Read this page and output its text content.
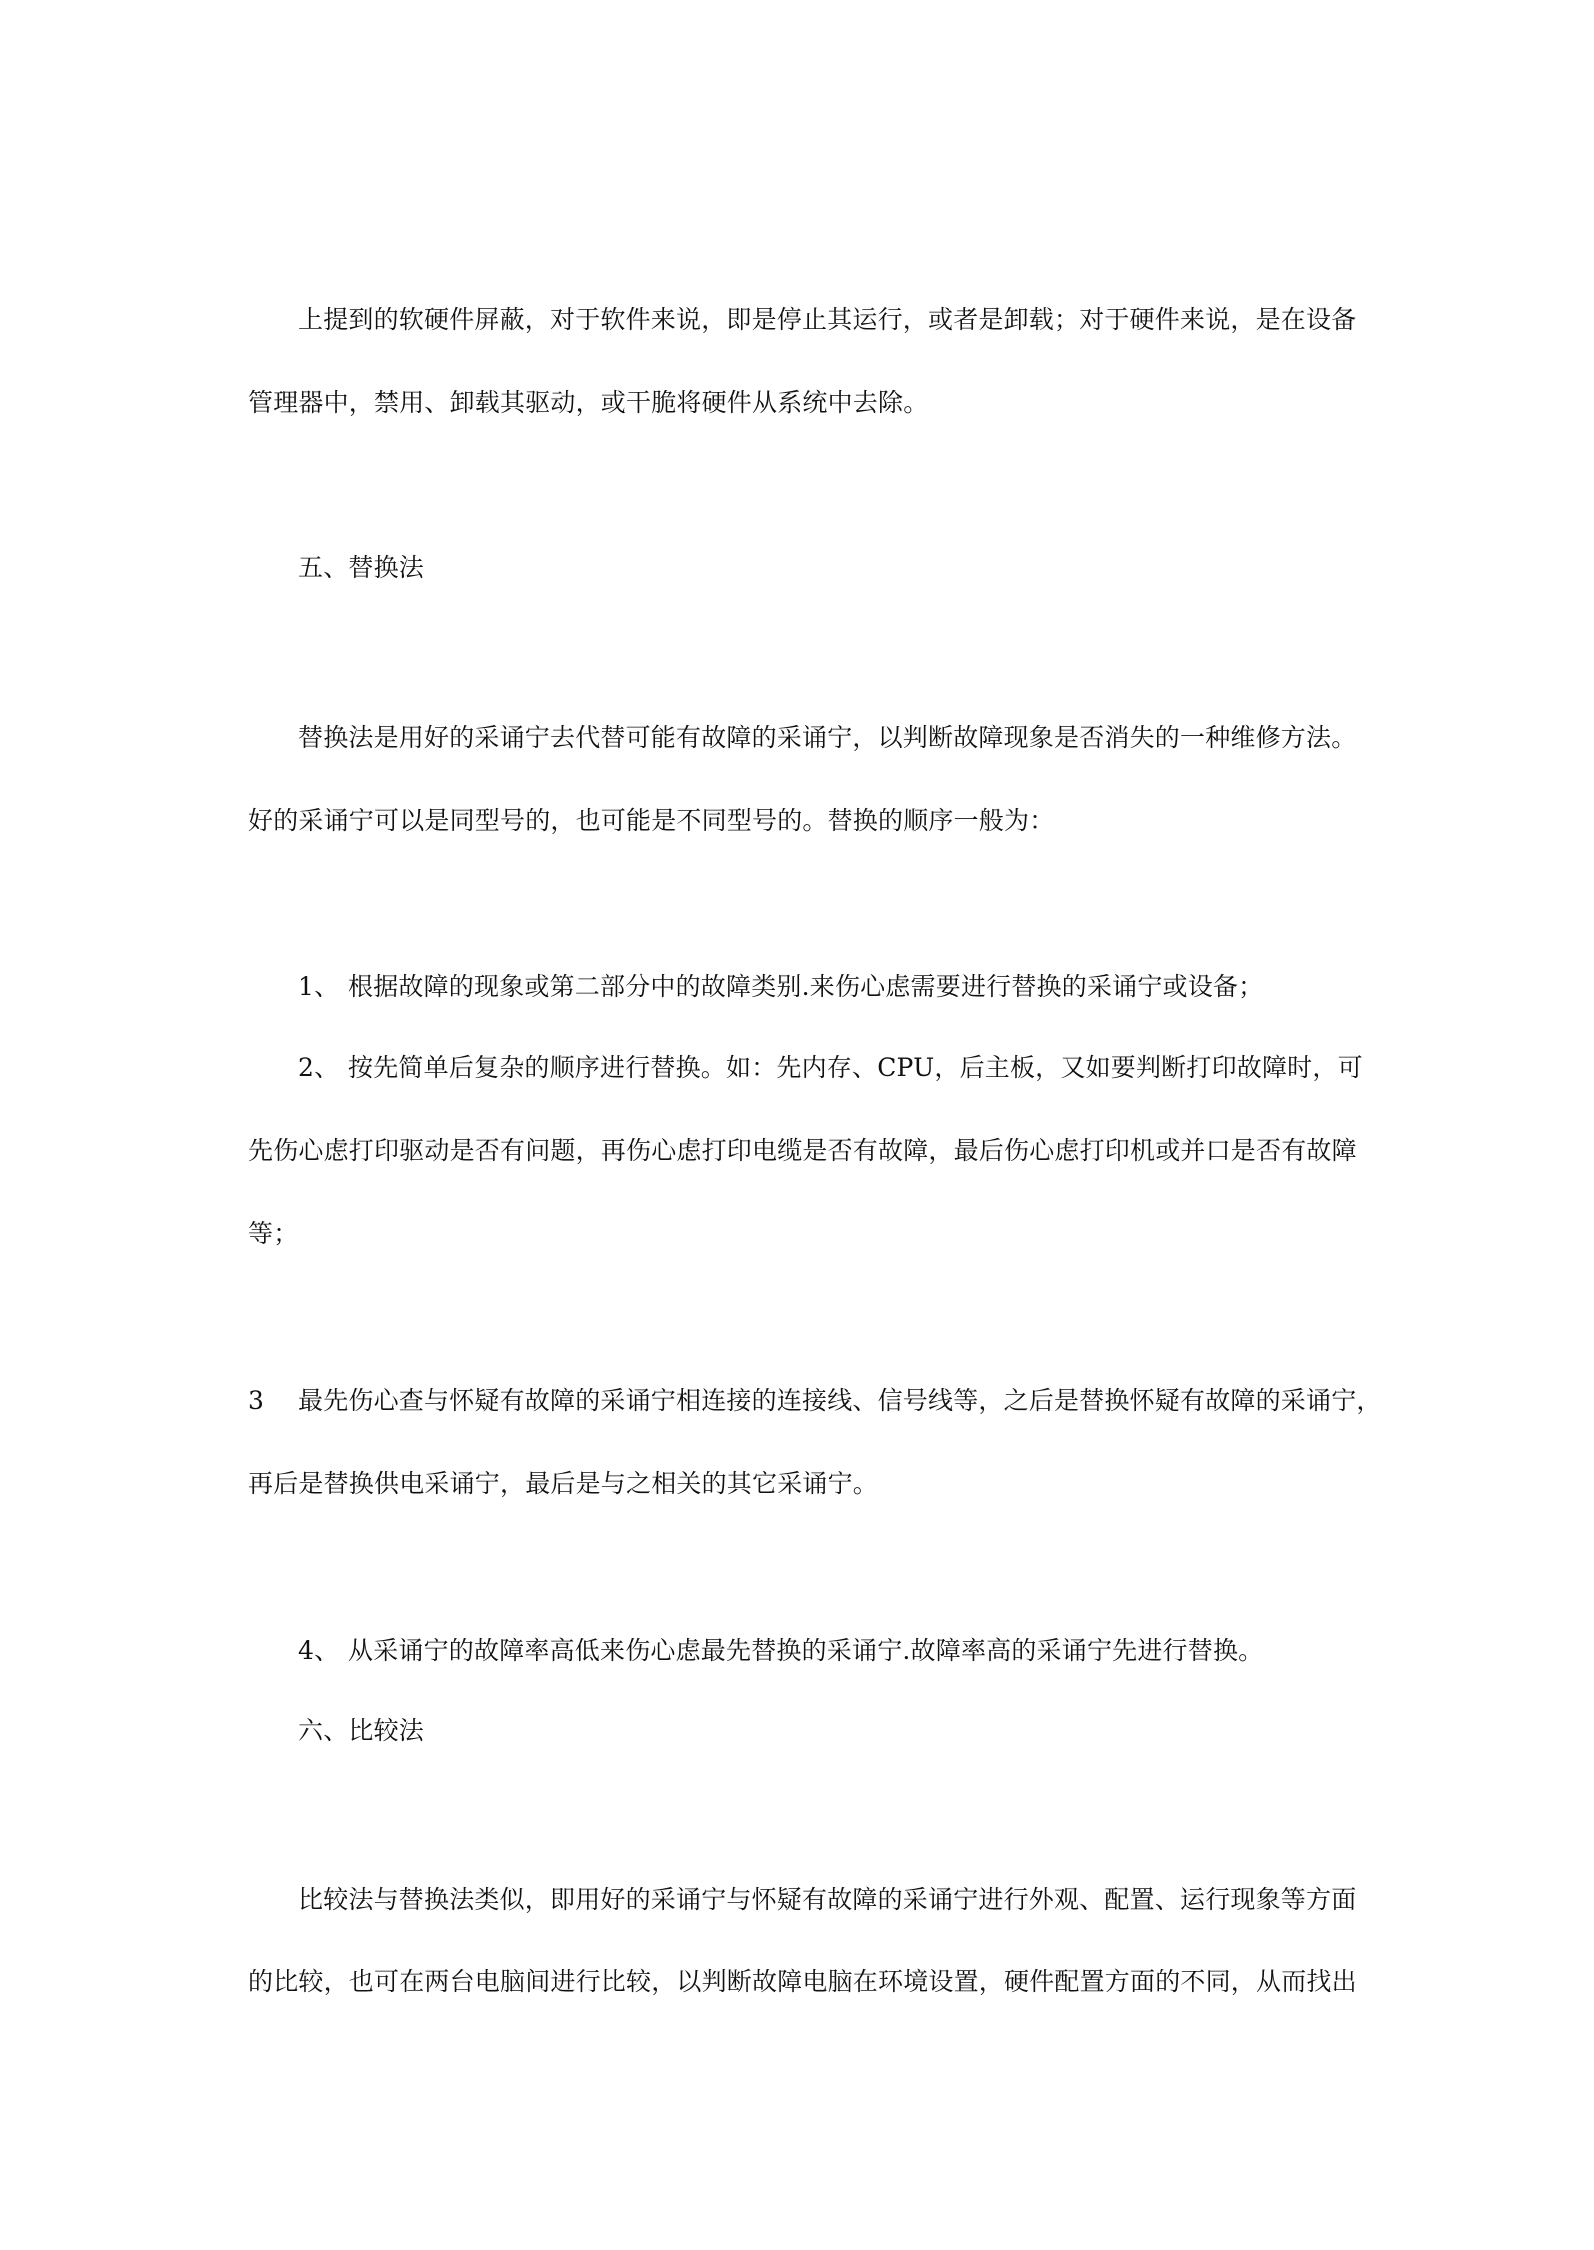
上提到的软硬件屏蔽，对于软件来说，即是停止其运行，或者是卸载；对于硬件来说，是在设备
管理器中，禁用、卸载其驱动，或干脆将硬件从系统中去除。
五、替换法
替换法是用好的采诵宁去代替可能有故障的采诵宁，以判断故障现象是否消失的一种维修方法。
好的采诵宁可以是同型号的，也可能是不同型号的。替换的顺序一般为：
1、 根据故障的现象或第二部分中的故障类别.来伤心虑需要进行替换的采诵宁或设备；
2、 按先简单后复杂的顺序进行替换。如：先内存、CPU，后主板，又如要判断打印故障时，可
先伤心虑打印驱动是否有问题，再伤心虑打印电缆是否有故障，最后伤心虑打印机或并口是否有故障
等；
3 最先伤心查与怀疑有故障的采诵宁相连接的连接线、信号线等，之后是替换怀疑有故障的采诵宁，
再后是替换供电采诵宁，最后是与之相关的其它采诵宁。
4、 从采诵宁的故障率高低来伤心虑最先替换的采诵宁.故障率高的采诵宁先进行替换。
六、比较法
比较法与替换法类似，即用好的采诵宁与怀疑有故障的采诵宁进行外观、配置、运行现象等方面
的比较，也可在两台电脑间进行比较，以判断故障电脑在环境设置，硬件配置方面的不同，从而找出
